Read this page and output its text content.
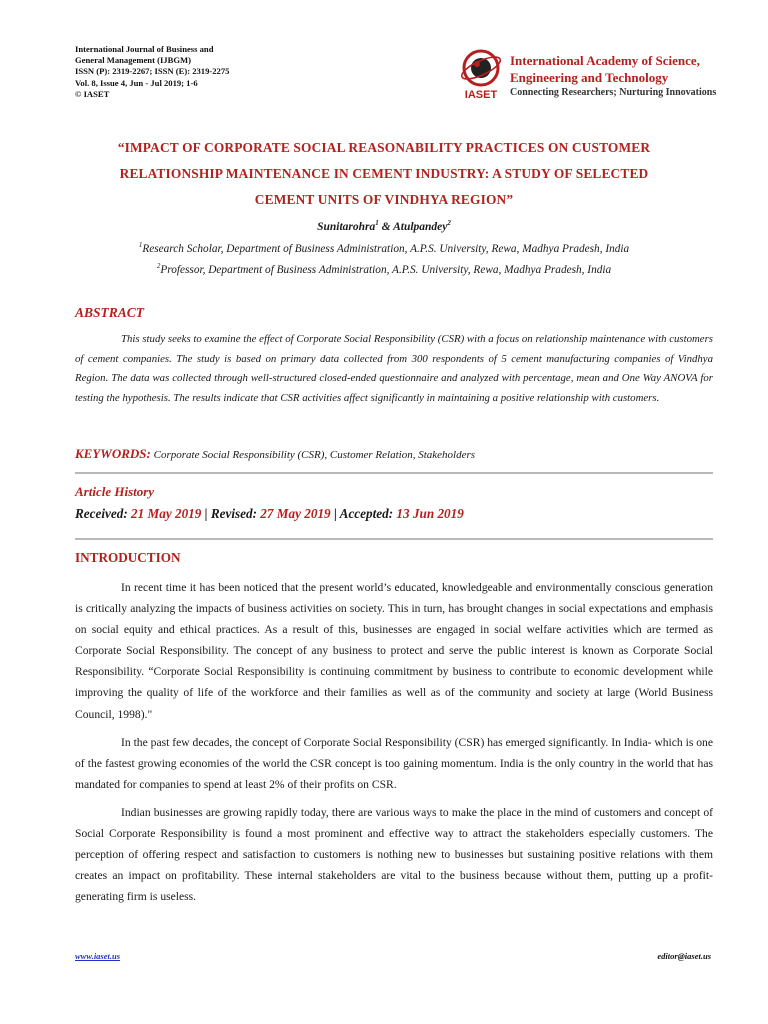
International Journal of Business and
General Management (IJBGM)
ISSN (P): 2319-2267; ISSN (E): 2319-2275
Vol. 8, Issue 4, Jun - Jul 2019; 1-6
© IASET	IASET
International Academy of Science,
Engineering and Technology
Connecting Researchers; Nurturing Innovations
“IMPACT OF CORPORATE SOCIAL REASONABILITY PRACTICES ON CUSTOMER
RELATIONSHIP MAINTENANCE IN CEMENT INDUSTRY: A STUDY OF SELECTED
CEMENT UNITS OF VINDHYA REGION”
Sunitarohra$^1$ & Atulpandey$^2$
$^1$Research Scholar, Department of Business Administration, A.P.S. University, Rewa, Madhya Pradesh, India
$^2$Professor, Department of Business Administration, A.P.S. University, Rewa, Madhya Pradesh, India
ABSTRACT
This study seeks to examine the effect of Corporate Social Responsibility (CSR) with a focus on relationship maintenance with customers of cement companies. The study is based on primary data collected from 300 respondents of 5 cement manufacturing companies of Vindhya Region. The data was collected through well-structured closed-ended questionnaire and analyzed with percentage, mean and One Way ANOVA for testing the hypothesis. The results indicate that CSR activities affect significantly in maintaining a positive relationship with customers.
KEYWORDS: Corporate Social Responsibility (CSR), Customer Relation, Stakeholders
Article History
Received: 21 May 2019 | Revised: 27 May 2019 | Accepted: 13 Jun 2019
INTRODUCTION
In recent time it has been noticed that the present world’s educated, knowledgeable and environmentally conscious generation is critically analyzing the impacts of business activities on society. This in turn, has brought changes in social expectations and emphasis on social equity and ethical practices. As a result of this, businesses are engaged in social welfare activities which are termed as Corporate Social Responsibility. The concept of any business to protect and serve the public interest is known as Corporate Social Responsibility. “Corporate Social Responsibility is continuing commitment by business to contribute to economic development while improving the quality of life of the workforce and their families as well as of the community and society at large (World Business Council, 1998)."
In the past few decades, the concept of Corporate Social Responsibility (CSR) has emerged significantly. In India- which is one of the fastest growing economies of the world the CSR concept is too gaining momentum. India is the only country in the world that has mandated for companies to spend at least 2% of their profits on CSR.
Indian businesses are growing rapidly today, there are various ways to make the place in the mind of customers and concept of Social Corporate Responsibility is found a most prominent and effective way to attract the stakeholders especially customers. The perception of offering respect and satisfaction to customers is nothing new to businesses but sustaining positive relations with them creates an impact on profitability. These internal stakeholders are vital to the business because without them, putting up a profit-generating firm is useless.
www.iaset.us	editor@iaset.us
